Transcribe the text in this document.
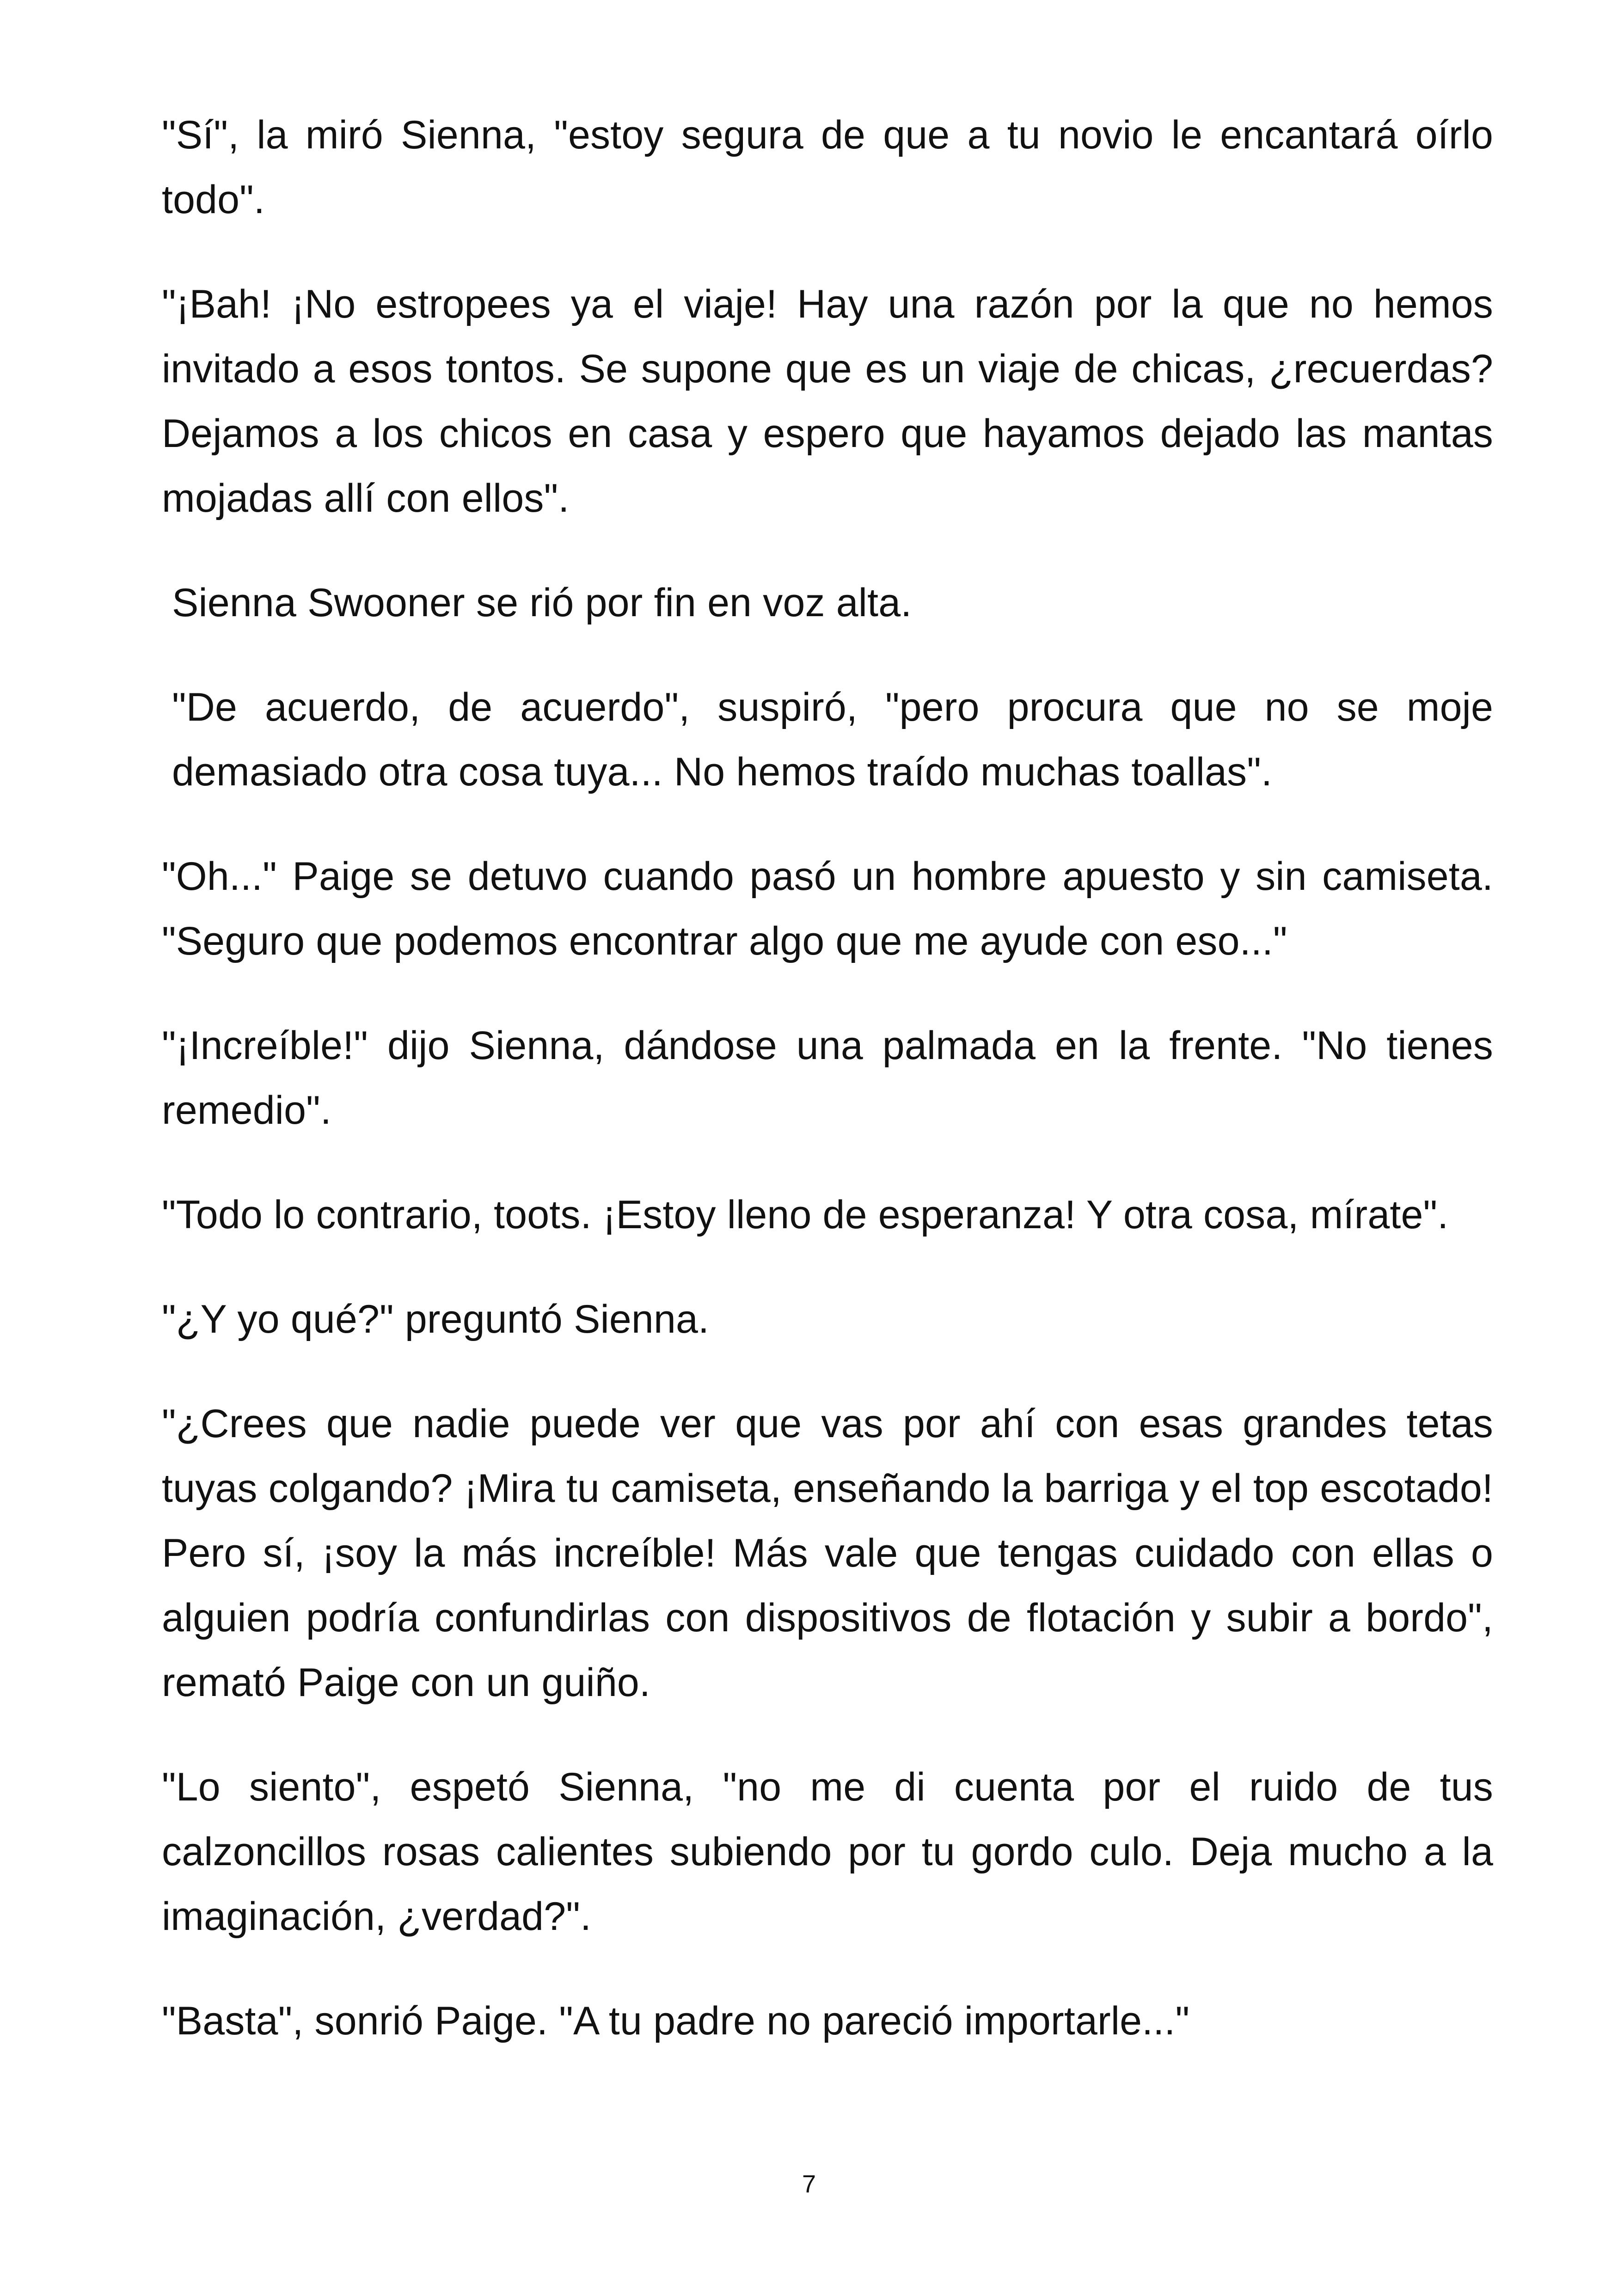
"Sí", la miró Sienna, "estoy segura de que a tu novio le encantará oírlo todo".

"¡Bah! ¡No estropees ya el viaje! Hay una razón por la que no hemos invitado a esos tontos. Se supone que es un viaje de chicas, ¿recuerdas? Dejamos a los chicos en casa y espero que hayamos dejado las mantas mojadas allí con ellos".

Sienna Swooner se rió por fin en voz alta.

"De acuerdo, de acuerdo", suspiró, "pero procura que no se moje demasiado otra cosa tuya... No hemos traído muchas toallas".

"Oh..." Paige se detuvo cuando pasó un hombre apuesto y sin camiseta. "Seguro que podemos encontrar algo que me ayude con eso..."

"¡Increíble!" dijo Sienna, dándose una palmada en la frente. "No tienes remedio".

"Todo lo contrario, toots. ¡Estoy lleno de esperanza! Y otra cosa, mírate".

"¿Y yo qué?" preguntó Sienna.

"¿Crees que nadie puede ver que vas por ahí con esas grandes tetas tuyas colgando? ¡Mira tu camiseta, enseñando la barriga y el top escotado! Pero sí, ¡soy la más increíble! Más vale que tengas cuidado con ellas o alguien podría confundirlas con dispositivos de flotación y subir a bordo", remató Paige con un guiño.

"Lo siento", espetó Sienna, "no me di cuenta por el ruido de tus calzoncillos rosas calientes subiendo por tu gordo culo. Deja mucho a la imaginación, ¿verdad?".

"Basta", sonrió Paige. "A tu padre no pareció importarle..."

7
